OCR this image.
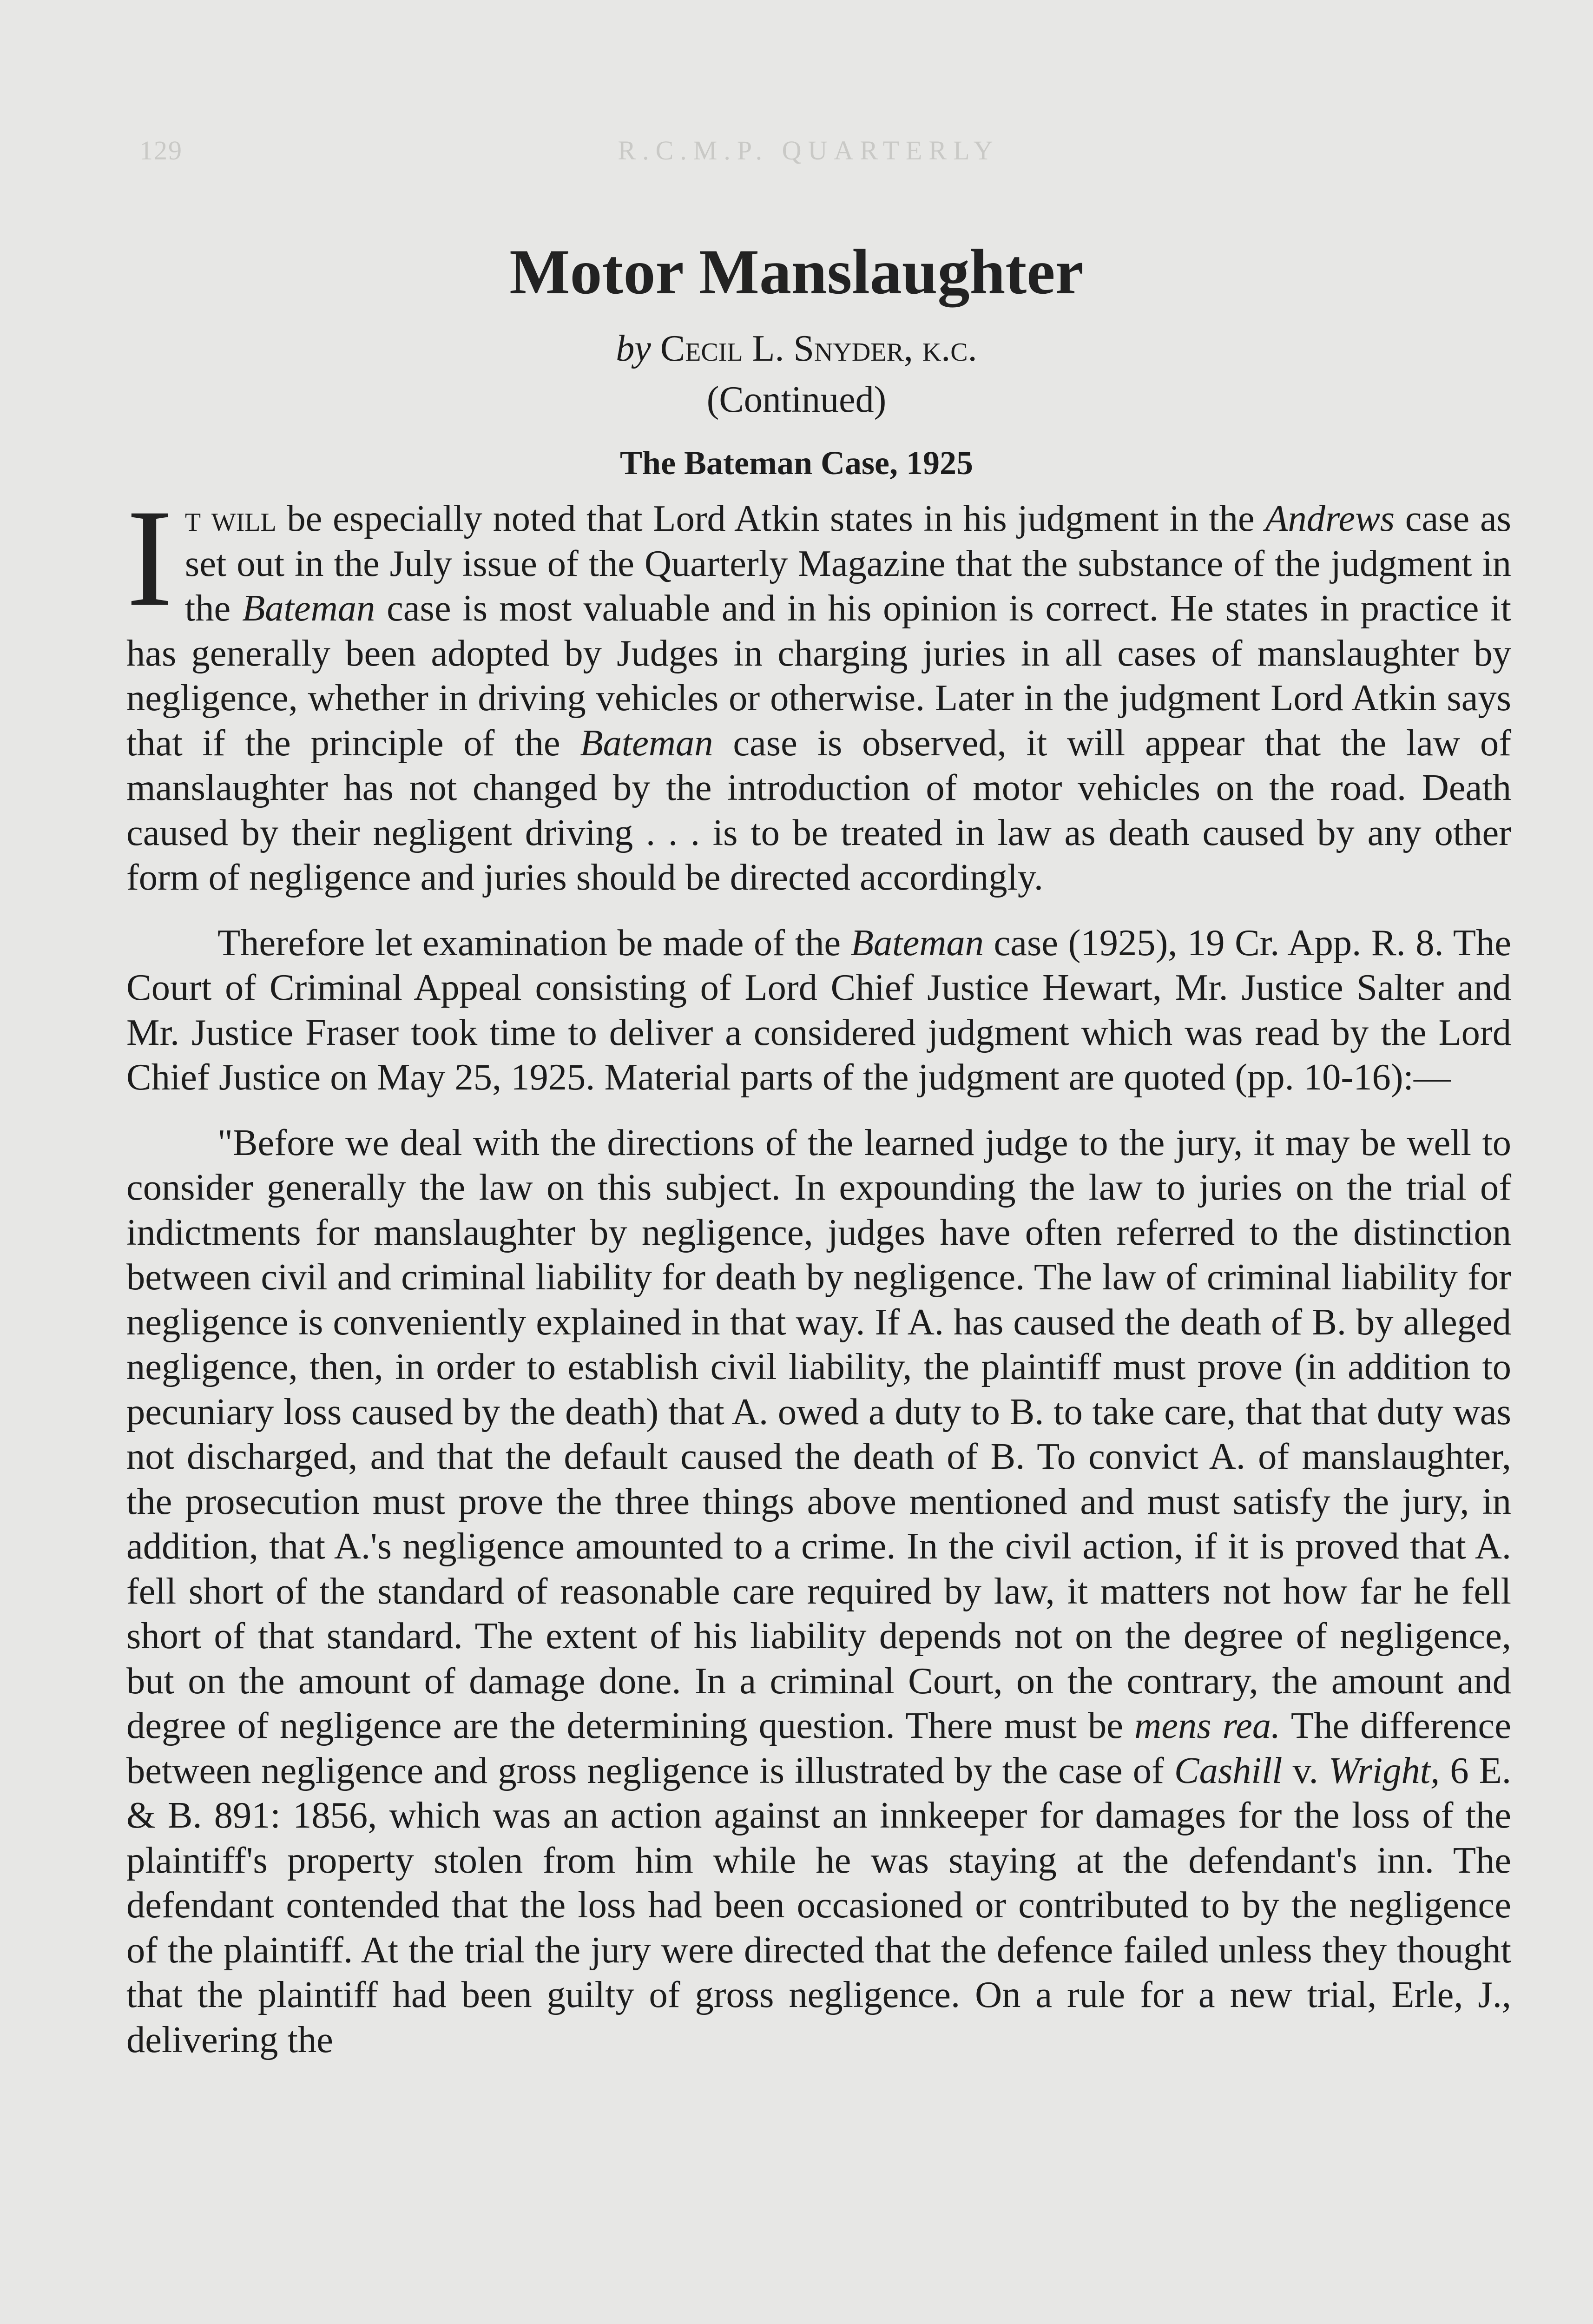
129	R.C.M.P. QUARTERLY
Motor Manslaughter
by Cecil L. Snyder, k.c.
(Continued)
The Bateman Case, 1925

It will be especially noted that Lord Atkin states in his judgment in the Andrews case as set out in the July issue of the Quarterly Magazine that the substance of the judgment in the Bateman case is most valuable and in his opinion is correct. He states in practice it has generally been adopted by Judges in charging juries in all cases of manslaughter by negligence, whether in driving vehicles or otherwise. Later in the judgment Lord Atkin says that if the principle of the Bateman case is observed, it will appear that the law of manslaughter has not changed by the introduction of motor vehicles on the road. Death caused by their negligent driving . . . is to be treated in law as death caused by any other form of negligence and juries should be directed accordingly.

Therefore let examination be made of the Bateman case (1925), 19 Cr. App. R. 8. The Court of Criminal Appeal consisting of Lord Chief Justice Hewart, Mr. Justice Salter and Mr. Justice Fraser took time to deliver a considered judgment which was read by the Lord Chief Justice on May 25, 1925. Material parts of the judgment are quoted (pp. 10-16):—

"Before we deal with the directions of the learned judge to the jury, it may be well to consider generally the law on this subject. In expounding the law to juries on the trial of indictments for manslaughter by negligence, judges have often referred to the distinction between civil and criminal liability for death by negligence. The law of criminal liability for negligence is conveniently explained in that way. If A. has caused the death of B. by alleged negligence, then, in order to establish civil liability, the plaintiff must prove (in addition to pecuniary loss caused by the death) that A. owed a duty to B. to take care, that that duty was not discharged, and that the default caused the death of B. To convict A. of manslaughter, the prosecution must prove the three things above mentioned and must satisfy the jury, in addition, that A.'s negligence amounted to a crime. In the civil action, if it is proved that A. fell short of the standard of reasonable care required by law, it matters not how far he fell short of that standard. The extent of his liability depends not on the degree of negligence, but on the amount of damage done. In a criminal Court, on the contrary, the amount and degree of negligence are the determining question. There must be mens rea. The difference between negligence and gross negligence is illustrated by the case of Cashill v. Wright, 6 E. & B. 891: 1856, which was an action against an innkeeper for damages for the loss of the plaintiff's property stolen from him while he was staying at the defendant's inn. The defendant contended that the loss had been occasioned or contributed to by the negligence of the plaintiff. At the trial the jury were directed that the defence failed unless they thought that the plaintiff had been guilty of gross negligence. On a rule for a new trial, Erle, J., delivering the
